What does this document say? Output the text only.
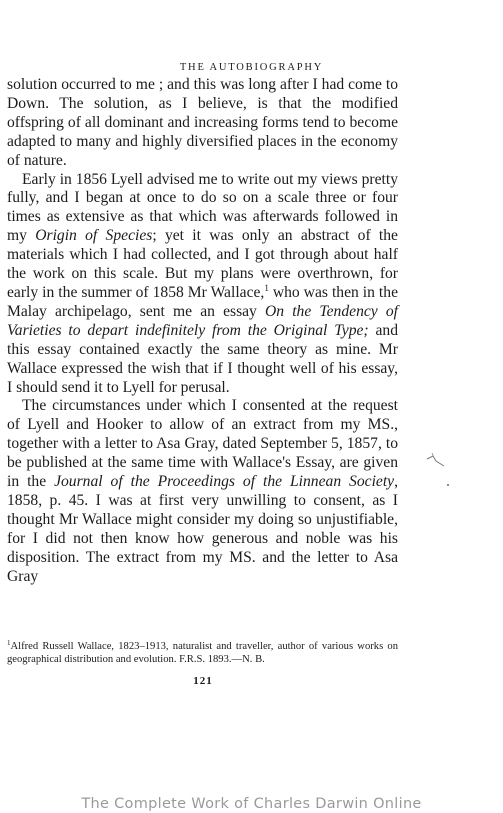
THE AUTOBIOGRAPHY

solution occurred to me ; and this was long after I had come to Down. The solution, as I believe, is that the modified offspring of all dominant and increasing forms tend to become adapted to many and highly diversified places in the economy of nature.

Early in 1856 Lyell advised me to write out my views pretty fully, and I began at once to do so on a scale three or four times as extensive as that which was afterwards followed in my Origin of Species; yet it was only an abstract of the materials which I had collected, and I got through about half the work on this scale. But my plans were overthrown, for early in the summer of 1858 Mr Wallace,$^1$ who was then in the Malay archipelago, sent me an essay On the Tendency of Varieties to depart indefinitely from the Original Type; and this essay contained exactly the same theory as mine. Mr Wallace expressed the wish that if I thought well of his essay, I should send it to Lyell for perusal.

The circumstances under which I consented at the request of Lyell and Hooker to allow of an extract from my MS., together with a letter to Asa Gray, dated September 5, 1857, to be published at the same time with Wallace's Essay, are given in the Journal of the Proceedings of the Linnean Society, 1858, p. 45. I was at first very unwilling to consent, as I thought Mr Wallace might consider my doing so unjustifiable, for I did not then know how generous and noble was his disposition. The extract from my MS. and the letter to Asa Gray

$^1$Alfred Russell Wallace, 1823–1913, naturalist and traveller, author of various works on geographical distribution and evolution. F.R.S. 1893.—N. B.
121
The Complete Work of Charles Darwin Online
